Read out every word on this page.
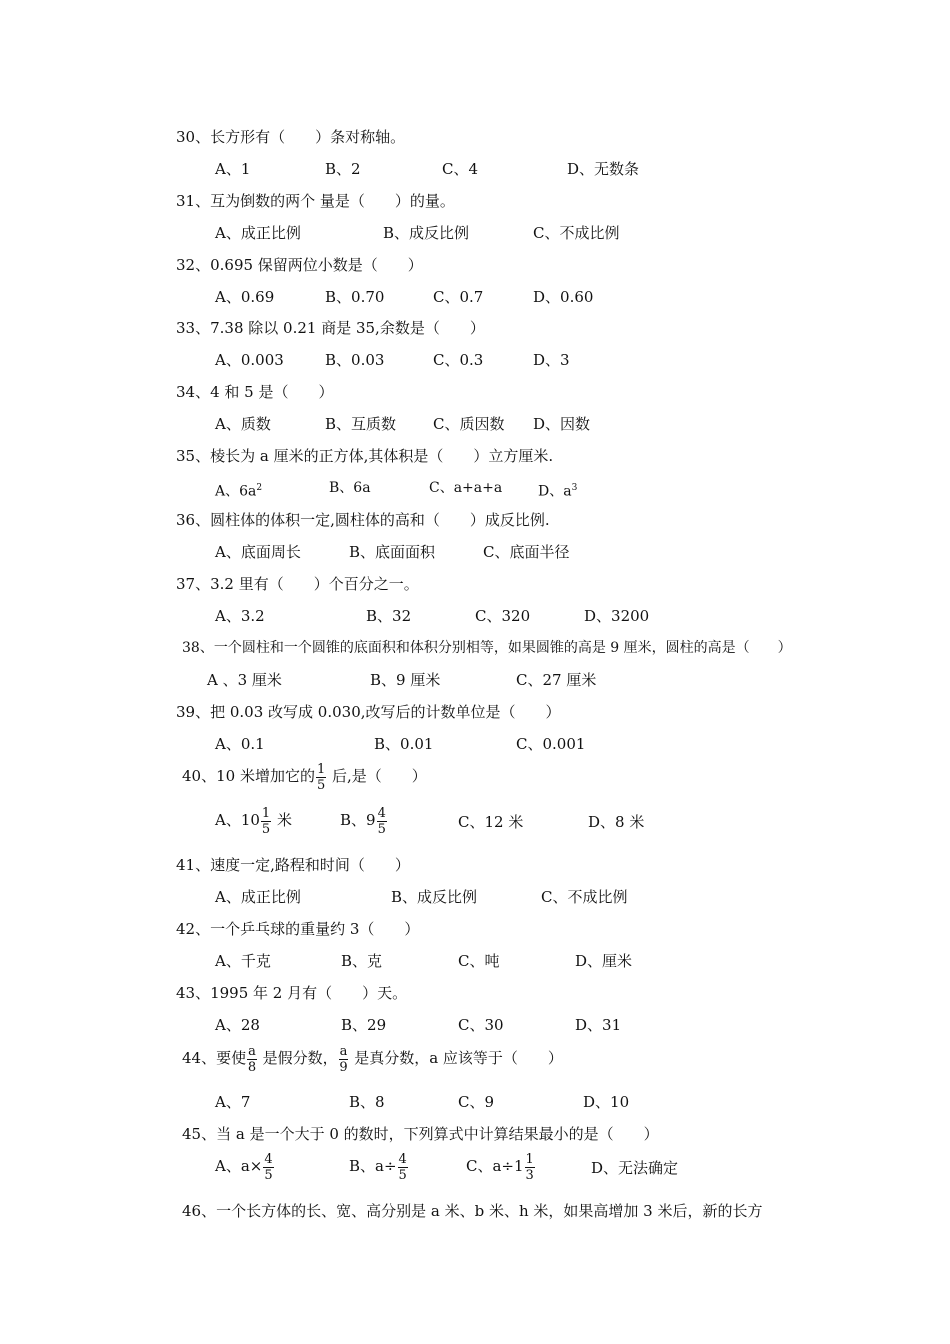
30、长方形有（　　）条对称轴。
A、1	B、2	C、4	D、无数条
31、互为倒数的两个 量是（　　）的量。
A、成正比例	B、成反比例	C、不成比例
32、0.695 保留两位小数是（　　）
A、0.69	B、0.70	C、0.7	D、0.60
33、7.38 除以 0.21 商是 35,余数是（　　）
A、0.003	B、0.03	C、0.3	D、3
34、4 和 5 是（　　）
A、质数	B、互质数 C、质因数 D、因数
35、棱长为 a 厘米的正方体,其体积是（　　）立方厘米.
A、$6a^2$	B、6a	C、a+a+a	D、$a^3$
36、圆柱体的体积一定,圆柱体的高和（　　）成反比例.
A、底面周长	B、底面面积	C、底面半径
37、3.2 里有（　　）个百分之一。
A、3.2	B、32	C、320	D、3200
38、一个圆柱和一个圆锥的底面积和体积分别相等，如果圆锥的高是 9 厘米，圆柱的高是（　　）
A 、3 厘米	B、9 厘米	C、27 厘米
39、把 0.03 改写成 0.030,改写后的计数单位是（　　）
A、0.1	B、0.01	C、0.001
40、10 米增加它的 $\frac{1}{5}$ 后,是（　　）
A、$10 \frac{1}{5}$ 米	B、$9 \frac{4}{5}$	C、12 米	D、8 米
41、速度一定,路程和时间（　　）
A、成正比例	B、成反比例	C、不成比例
42、一个乒乓球的重量约 3（　　）
A、千克	B、克	C、吨	D、厘米
43、1995 年 2 月有（　　）天。
A、28	B、29	C、30	D、31
44、要使 $\frac{a}{8}$ 是假分数， $\frac{a}{9}$ 是真分数，a 应该等于（　　）
A、7	B、8	C、9	D、10
45、当 a 是一个大于 0 的数时，下列算式中计算结果最小的是（　　）
A、$a\times \frac{4}{5}$	B、$a\div \frac{4}{5}$	C、$a\div 1 \frac{1}{3}$	D、无法确定
46、一个长方体的长、宽、高分别是 a 米、b 米、h 米，如果高增加 3 米后，新的长方
